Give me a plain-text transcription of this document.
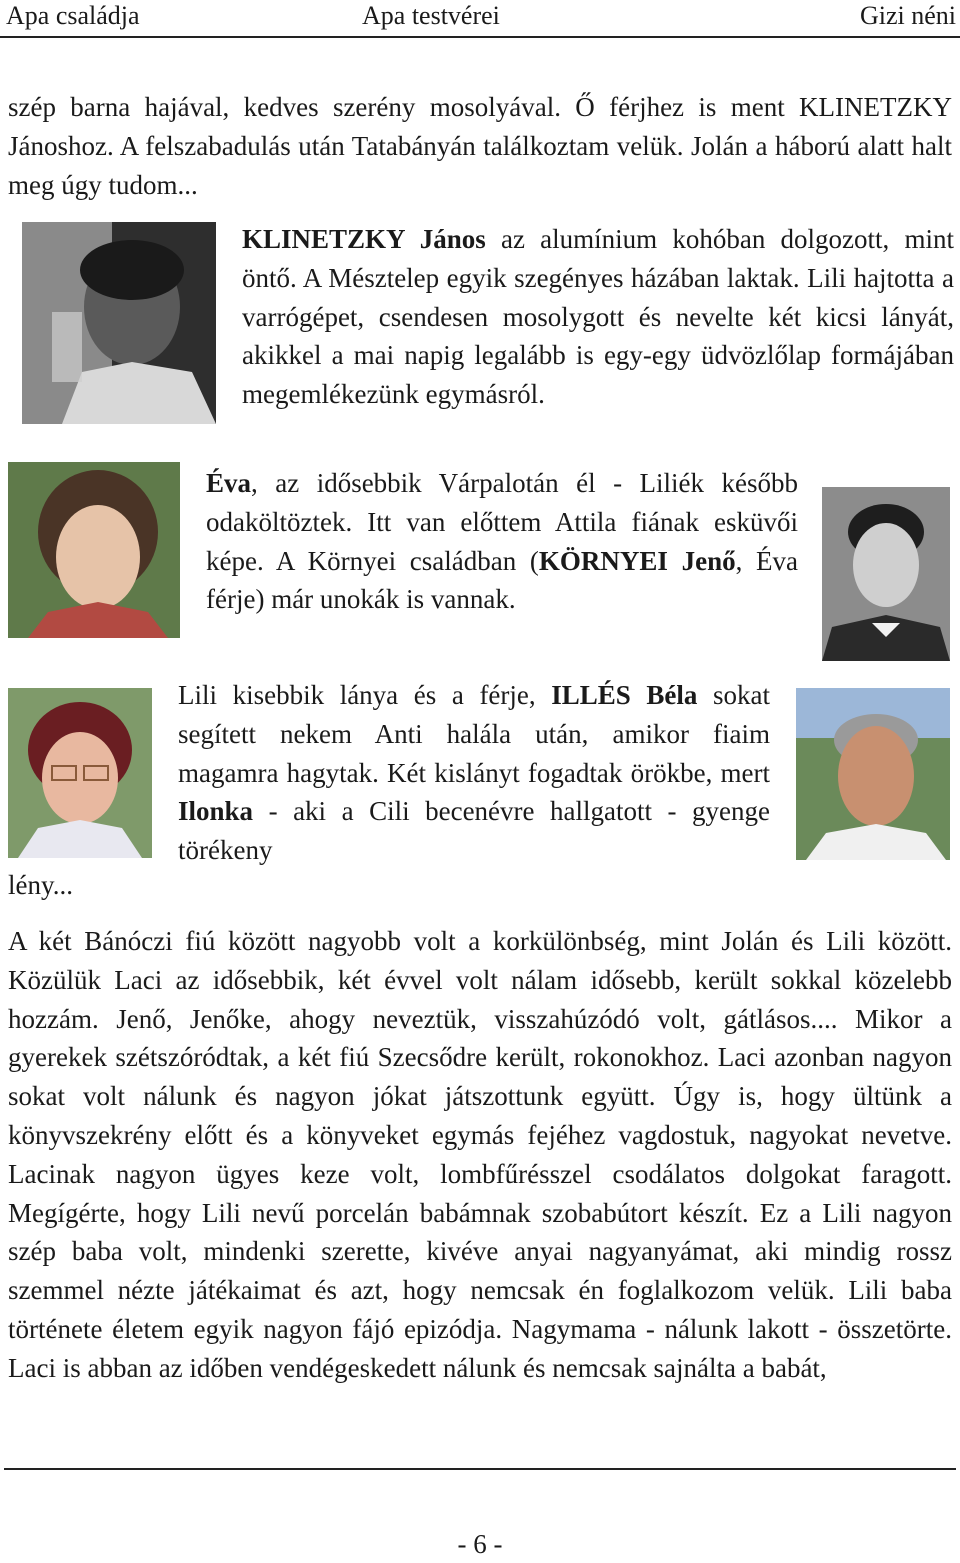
Apa családja	Apa testvérei	Gizi néni

szép barna hajával, kedves szerény mosolyával. Ő férjhez is ment KLINETZKY Jánoshoz. A felszabadulás után Tatabányán találkoztam velük. Jolán a háború alatt halt meg úgy tudom...

KLINETZKY János az alumínium kohóban dolgozott, mint öntő. A Mésztelep egyik szegényes házában laktak. Lili hajtotta a varrógépet, csendesen mosolygott és nevelte két kicsi lányát, akikkel a mai napig legalább is egy-egy üdvözlőlap formájában megemlékezünk egymásról.

Éva, az idősebbik Várpalotán él - Liliék később odaköltöztek. Itt van előttem Attila fiának esküvői képe. A Környei családban (KÖRNYEI Jenő, Éva férje) már unokák is vannak.

Lili kisebbik lánya és a férje, ILLÉS Béla sokat segített nekem Anti halála után, amikor fiaim magamra hagytak. Két kislányt fogadtak örökbe, mert Ilonka - aki a Cili becenévre hallgatott - gyenge törékeny

lény...

A két Bánóczi fiú között nagyobb volt a korkülönbség, mint Jolán és Lili között. Közülük Laci az idősebbik, két évvel volt nálam idősebb, került sokkal közelebb hozzám. Jenő, Jenőke, ahogy neveztük, visszahúzódó volt, gátlásos.... Mikor a gyerekek szétszóródtak, a két fiú Szecsődre került, rokonokhoz. Laci azonban nagyon sokat volt nálunk és nagyon jókat játszottunk együtt. Úgy is, hogy ültünk a könyvszekrény előtt és a könyveket egymás fejéhez vagdostuk, nagyokat nevetve. Lacinak nagyon ügyes keze volt, lombfűrésszel csodálatos dolgokat faragott. Megígérte, hogy Lili nevű porcelán babámnak szobabútort készít. Ez a Lili nagyon szép baba volt, mindenki szerette, kivéve anyai nagyanyámat, aki mindig rossz szemmel nézte játékaimat és azt, hogy nemcsak én foglalkozom velük. Lili baba története életem egyik nagyon fájó epizódja. Nagymama - nálunk lakott - összetörte. Laci is abban az időben vendégeskedett nálunk és nemcsak sajnálta a babát,

- 6 -
